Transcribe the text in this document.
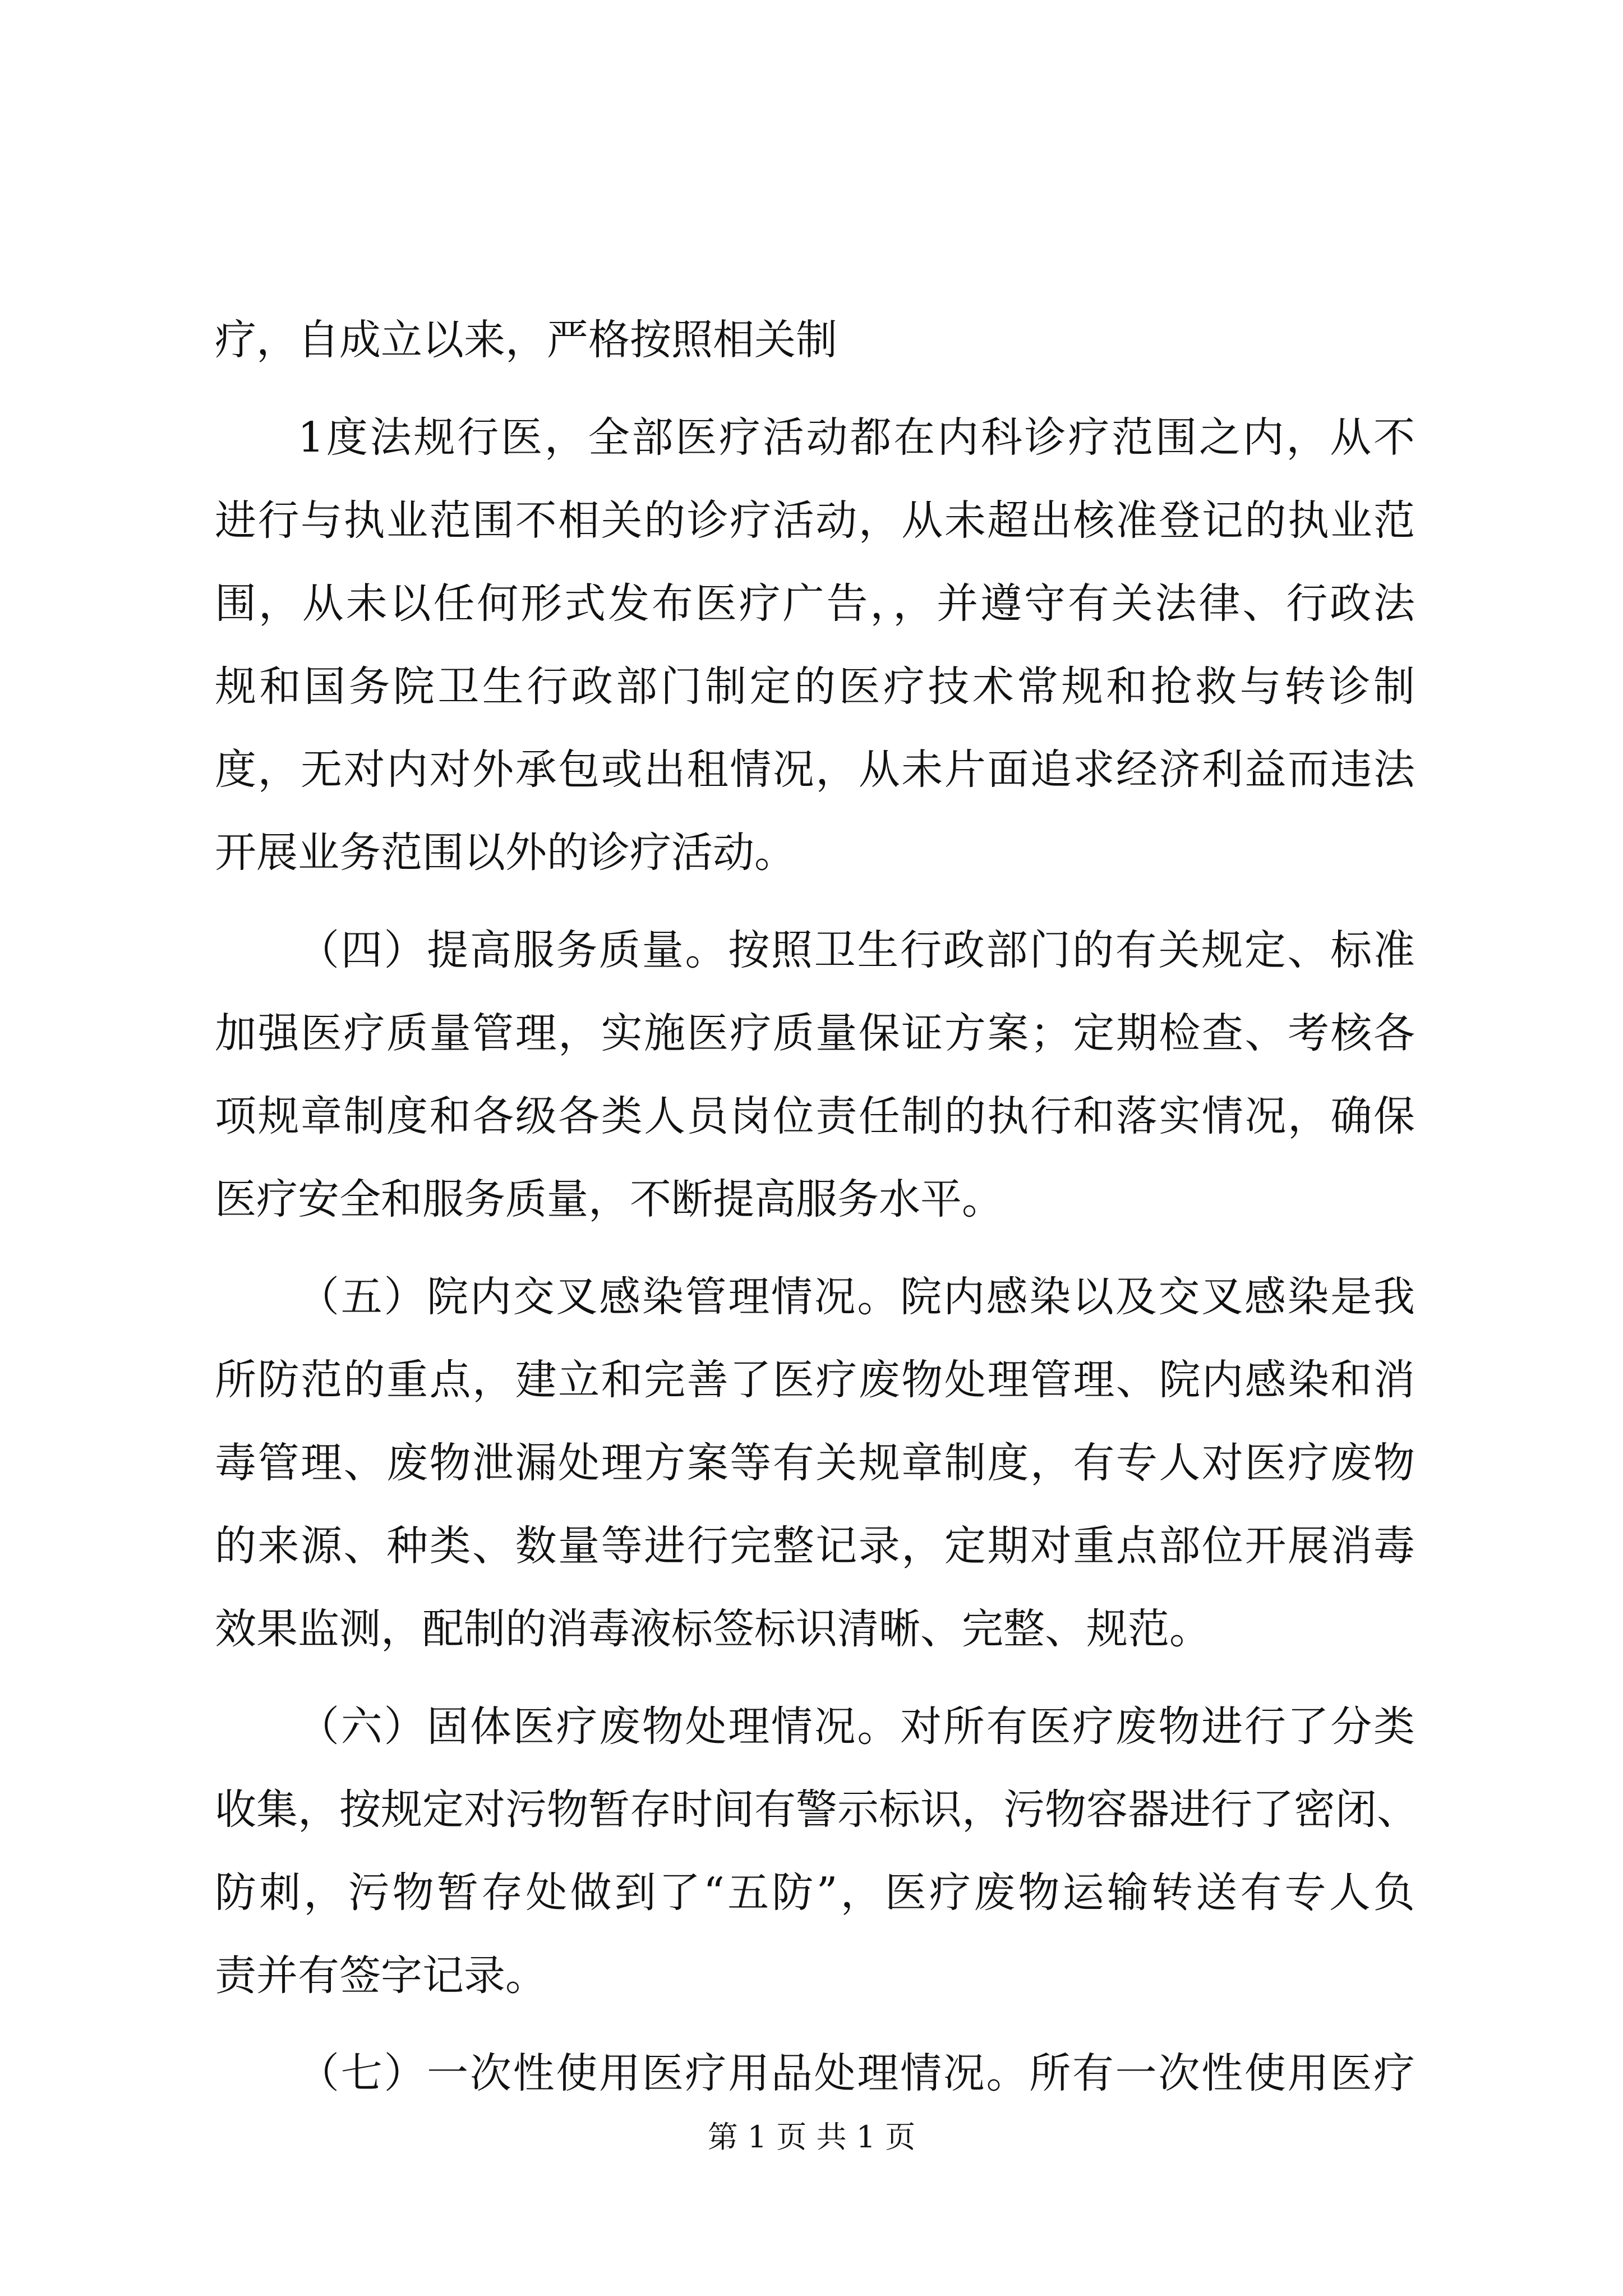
疗，自成立以来，严格按照相关制
1度法规行医，全部医疗活动都在内科诊疗范围之内，从不
进行与执业范围不相关的诊疗活动，从未超出核准登记的执业范
围，从未以任何形式发布医疗广告，，并遵守有关法律、行政法
规和国务院卫生行政部门制定的医疗技术常规和抢救与转诊制
度，无对内对外承包或出租情况，从未片面追求经济利益而违法
开展业务范围以外的诊疗活动。
（四）提高服务质量。按照卫生行政部门的有关规定、标准
加强医疗质量管理，实施医疗质量保证方案；定期检查、考核各
项规章制度和各级各类人员岗位责任制的执行和落实情况，确保
医疗安全和服务质量，不断提高服务水平。
（五）院内交叉感染管理情况。院内感染以及交叉感染是我
所防范的重点，建立和完善了医疗废物处理管理、院内感染和消
毒管理、废物泄漏处理方案等有关规章制度，有专人对医疗废物
的来源、种类、数量等进行完整记录，定期对重点部位开展消毒
效果监测，配制的消毒液标签标识清晰、完整、规范。
（六）固体医疗废物处理情况。对所有医疗废物进行了分类
收集，按规定对污物暂存时间有警示标识，污物容器进行了密闭、
防刺，污物暂存处做到了“五防”，医疗废物运输转送有专人负
责并有签字记录。
（七）一次性使用医疗用品处理情况。所有一次性使用医疗
第 1 页 共 1 页
